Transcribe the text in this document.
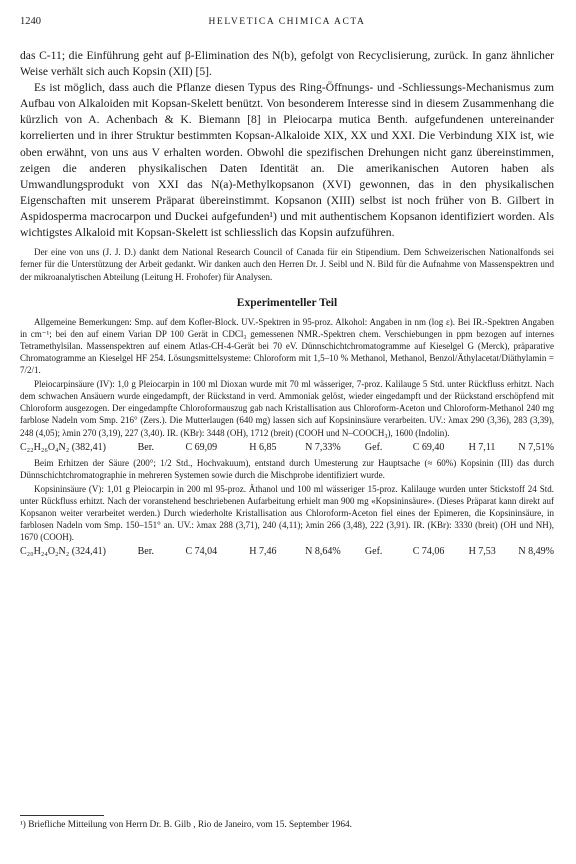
1240	HELVETICA CHIMICA ACTA

das C-11; die Einführung geht auf β-Elimination des N(b), gefolgt von Recyclisierung, zurück. In ganz ähnlicher Weise verhält sich auch Kopsin (XII) [5].

Es ist möglich, dass auch die Pflanze diesen Typus des Ring-Öffnungs- und -Schliessungs-Mechanismus zum Aufbau von Alkaloiden mit Kopsan-Skelett benützt. Von besonderem Interesse sind in diesem Zusammenhang die kürzlich von A. Achenbach & K. Biemann [8] in Pleiocarpa mutica Benth. aufgefundenen untereinander korrelierten und in ihrer Struktur bestimmten Kopsan-Alkaloide XIX, XX und XXI. Die Verbindung XIX ist, wie oben erwähnt, von uns aus V erhalten worden. Obwohl die spezifischen Drehungen nicht ganz übereinstimmen, zeigen die anderen physikalischen Daten Identität an. Die amerikanischen Autoren haben als Umwandlungsprodukt von XXI das N(a)-Methylkopsanon (XVI) gewonnen, das in den physikalischen Eigenschaften mit unserem Präparat übereinstimmt. Kopsanon (XIII) selbst ist noch früher von B. Gilbert in Aspidosperma macrocarpon und Duckei aufgefunden¹) und mit authentischem Kopsanon identifiziert worden. Als wichtigstes Alkaloid mit Kopsan-Skelett ist schliesslich das Kopsin aufzuführen.

Der eine von uns (J. J. D.) dankt dem National Research Council of Canada für ein Stipendium. Dem Schweizerischen Nationalfonds sei ferner für die Unterstützung der Arbeit gedankt. Wir danken auch den Herren Dr. J. Seibl und N. Bild für die Aufnahme von Massenspektren und der mikroanalytischen Abteilung (Leitung H. Frohofer) für Analysen.

Experimenteller Teil

Allgemeine Bemerkungen: Smp. auf dem Kofler-Block. UV.-Spektren in 95-proz. Alkohol: Angaben in nm (log ε). Bei IR.-Spektren Angaben in cm⁻¹; bei den auf einem Varian DP 100 Gerät in CDCl₃ gemessenen NMR.-Spektren chem. Verschiebungen in ppm bezogen auf internes Tetramethylsilan. Massenspektren auf einem Atlas-CH-4-Gerät bei 70 eV. Dünnschichtchromatogramme auf Kieselgel G (Merck), präparative Chromatogramme an Kieselgel HF 254. Lösungsmittelsysteme: Chloroform mit 1,5–10 % Methanol, Methanol, Benzol/Äthylacetat/Diäthylamin = 7/2/1.

Pleiocarpinsäure (IV): 1,0 g Pleiocarpin in 100 ml Dioxan wurde mit 70 ml wässeriger, 7-proz. Kalilauge 5 Std. unter Rückfluss erhitzt. Nach dem schwachen Ansäuern wurde eingedampft, der Rückstand in verd. Ammoniak gelöst, wieder eingedampft und der Rückstand erschöpfend mit Chloroform ausgezogen. Der eingedampfte Chloroformauszug gab nach Kristallisation aus Chloroform-Aceton und Chloroform-Methanol 240 mg farblose Nadeln vom Smp. 216° (Zers.). Die Mutterlaugen (640 mg) lassen sich auf Kopsininsäure verarbeiten. UV.: λmax 290 (3,36), 283 (3,39), 248 (4,05); λmin 270 (3,19), 227 (3,40). IR. (KBr): 3448 (OH), 1712 (breit) (COOH und N–COOCH₃), 1600 (Indolin).

C₂₂H₂₆O₄N₂ (382,41)	Ber.	C 69,09	H 6,85	N 7,33%	Gef.	C 69,40	H 7,11	N 7,51%

Beim Erhitzen der Säure (200°; 1/2 Std., Hochvakuum), entstand durch Umesterung zur Hauptsache (≈ 60%) Kopsinin (III) das durch Dünnschichtchromatographie in mehreren Systemen sowie durch die Mischprobe identifiziert wurde.

Kopsininsäure (V): 1,01 g Pleiocarpin in 200 ml 95-proz. Äthanol und 100 ml wässeriger 15-proz. Kalilauge wurden unter Stickstoff 24 Std. unter Rückfluss erhitzt. Nach der voranstehend beschriebenen Aufarbeitung erhielt man 900 mg «Kopsininsäure». (Dieses Präparat kann direkt auf Kopsanon weiter verarbeitet werden.) Durch wiederholte Kristallisation aus Chloroform-Aceton fiel eines der Epimeren, die Kopsininsäure, in farblosen Nadeln vom Smp. 150–151° an. UV.: λmax 288 (3,71), 240 (4,11); λmin 266 (3,48), 222 (3,91). IR. (KBr): 3330 (breit) (OH und NH), 1670 (COOH).

C₂₀H₂₄O₂N₂ (324,41)	Ber.	C 74,04	H 7,46	N 8,64%	Gef.	C 74,06	H 7,53	N 8,49%
¹) Briefliche Mitteilung von Herrn Dr. B. Gilb , Rio de Janeiro, vom 15. September 1964.
